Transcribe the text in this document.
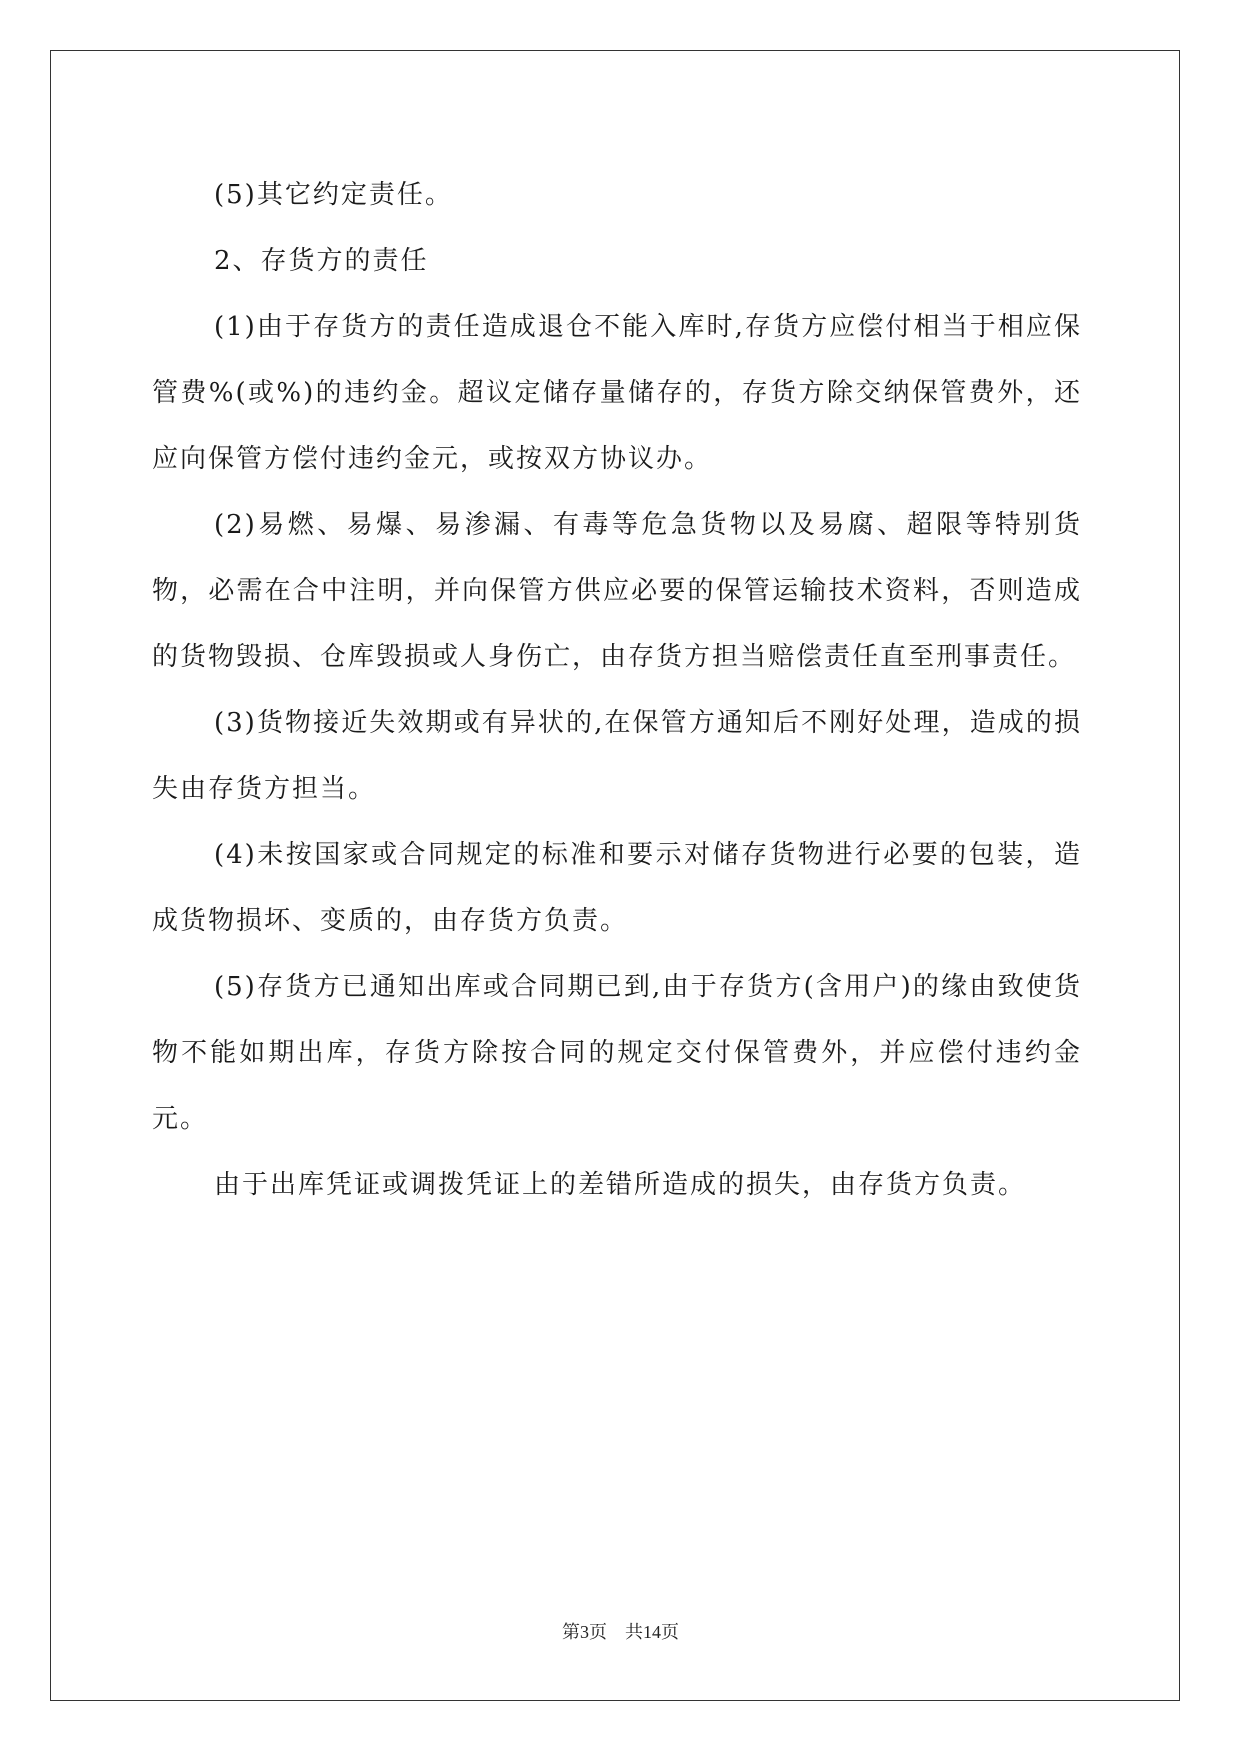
(5)其它约定责任。

2、存货方的责任

(1)由于存货方的责任造成退仓不能入库时,存货方应偿付相当于相应保管费%(或%)的违约金。超议定储存量储存的，存货方除交纳保管费外，还应向保管方偿付违约金元，或按双方协议办。

(2)易燃、易爆、易渗漏、有毒等危急货物以及易腐、超限等特别货物，必需在合中注明，并向保管方供应必要的保管运输技术资料，否则造成的货物毁损、仓库毁损或人身伤亡，由存货方担当赔偿责任直至刑事责任。

(3)货物接近失效期或有异状的,在保管方通知后不刚好处理，造成的损失由存货方担当。

(4)未按国家或合同规定的标准和要示对储存货物进行必要的包装，造成货物损坏、变质的，由存货方负责。

(5)存货方已通知出库或合同期已到,由于存货方(含用户)的缘由致使货物不能如期出库，存货方除按合同的规定交付保管费外，并应偿付违约金元。

由于出库凭证或调拨凭证上的差错所造成的损失，由存货方负责。

第3页 共14页
